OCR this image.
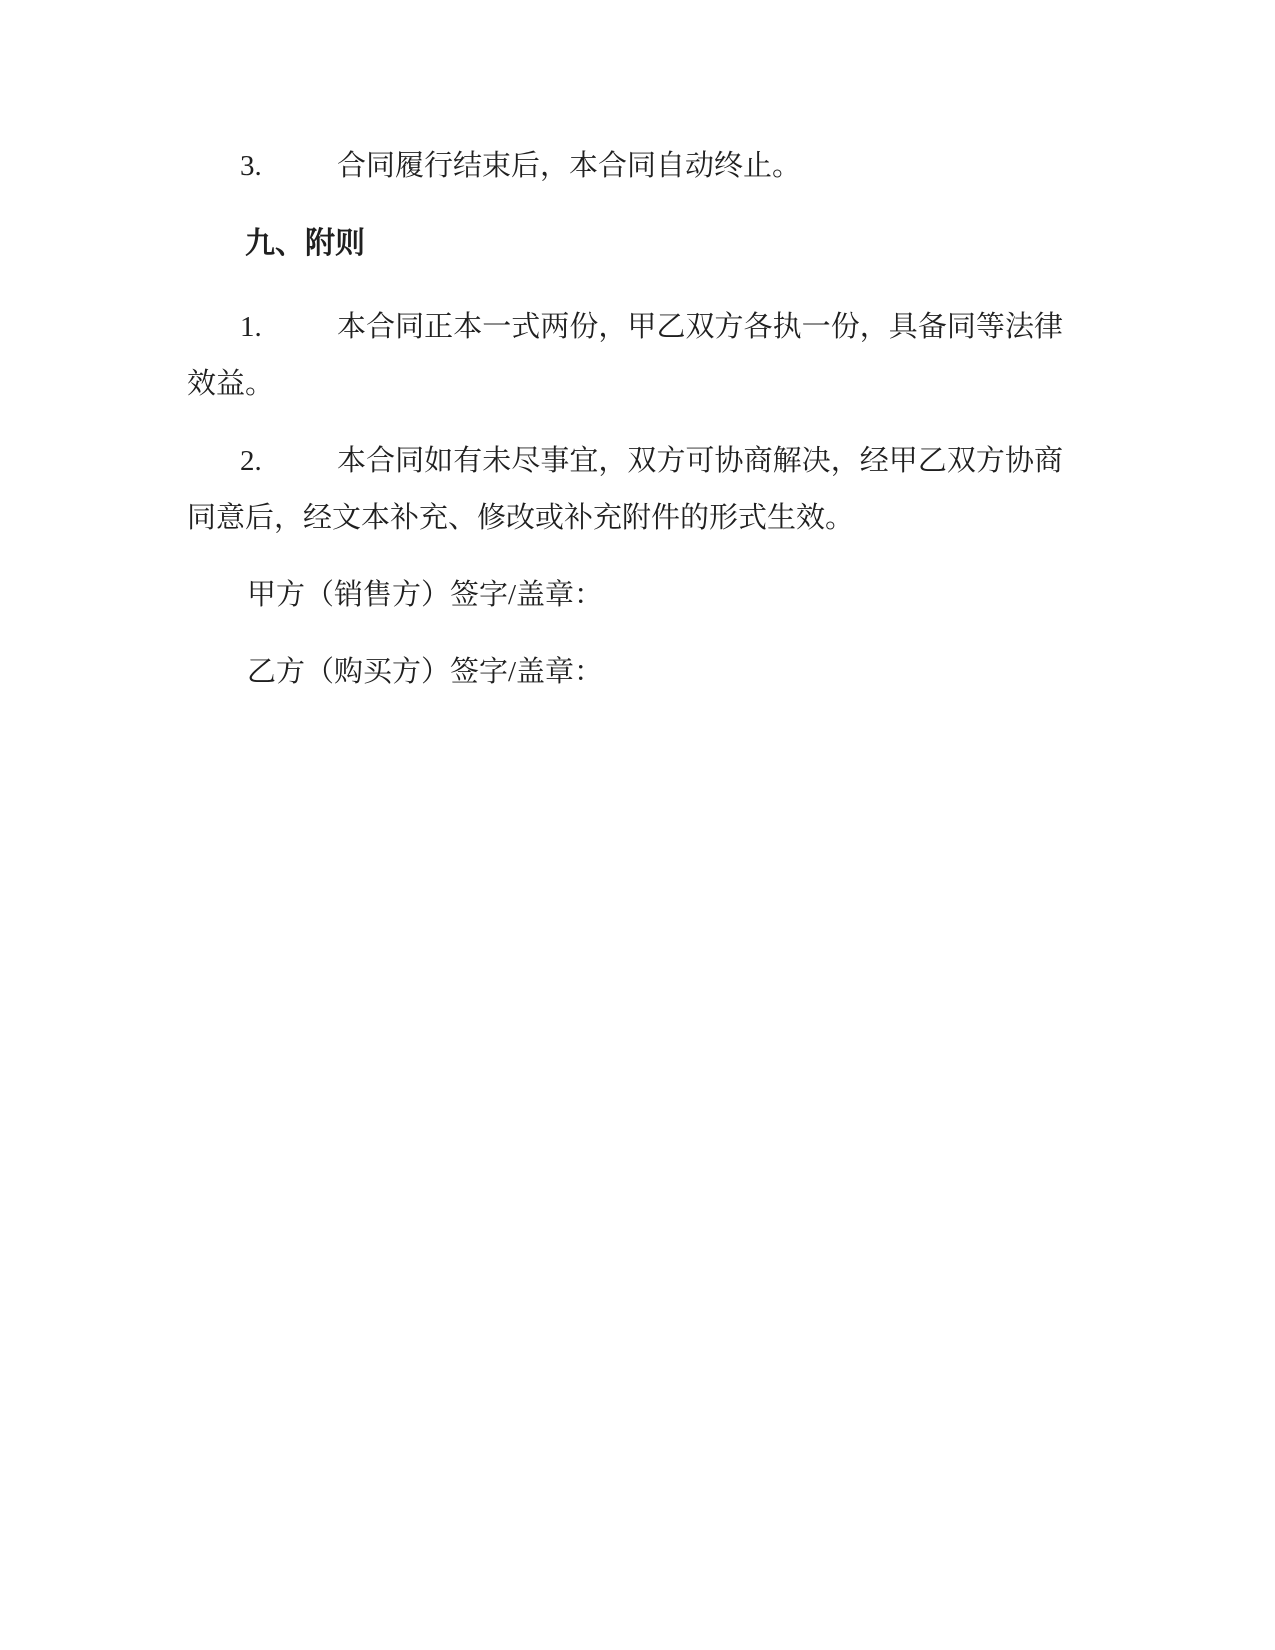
3.	合同履行结束后，本合同自动终止。

九、附则

1.	本合同正本一式两份，甲乙双方各执一份，具备同等法律
效益。

2.	本合同如有未尽事宜，双方可协商解决，经甲乙双方协商
同意后，经文本补充、修改或补充附件的形式生效。

甲方（销售方）签字/盖章：

乙方（购买方）签字/盖章：
